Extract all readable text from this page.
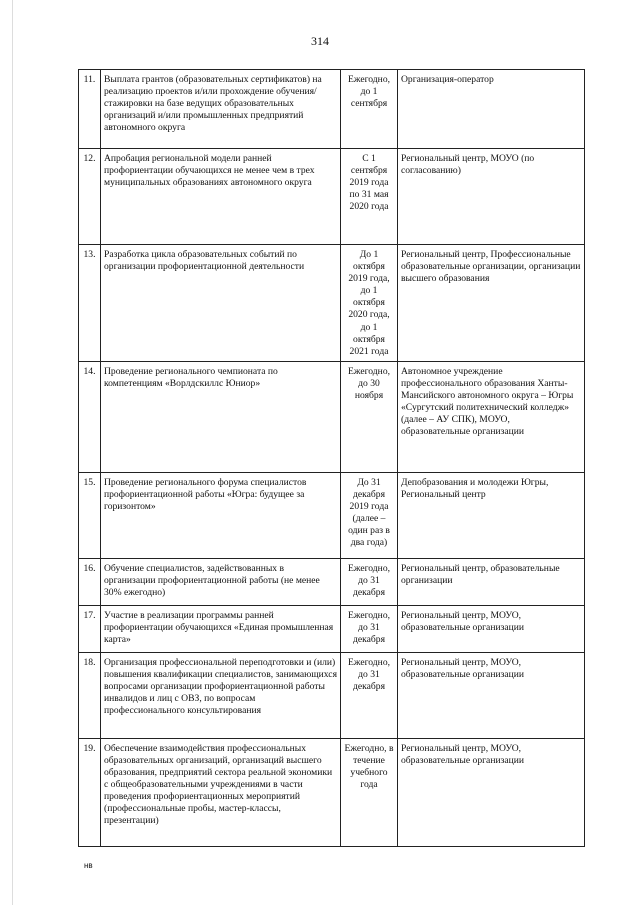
314
11.	Выплата грантов (образовательных сертификатов) на реализацию проектов и/или прохождение обучения/стажировки на базе ведущих образовательных организаций и/или промышленных предприятий автономного округа	Ежегодно, до 1 сентября	Организация-оператор
12.	Апробация региональной модели ранней профориентации обучающихся не менее чем в трех муниципальных образованиях автономного округа	С 1 сентября 2019 года по 31 мая 2020 года	Региональный центр, МОУО (по согласованию)
13.	Разработка цикла образовательных событий по организации профориентационной деятельности	До 1 октября 2019 года, до 1 октября 2020 года, до 1 октября 2021 года	Региональный центр, Профессиональные образовательные организации, организации высшего образования
14.	Проведение регионального чемпионата по компетенциям «Ворлдскиллс Юниор»	Ежегодно, до 30 ноября	Автономное учреждение профессионального образования Ханты-Мансийского автономного округа – Югры «Сургутский политехнический колледж» (далее – АУ СПК), МОУО, образовательные организации
15.	Проведение регионального форума специалистов профориентационной работы «Югра: будущее за горизонтом»	До 31 декабря 2019 года (далее – один раз в два года)	Депобразования и молодежи Югры, Региональный центр
16.	Обучение специалистов, задействованных в организации профориентационной работы (не менее 30% ежегодно)	Ежегодно, до 31 декабря	Региональный центр, образовательные организации
17.	Участие в реализации программы ранней профориентации обучающихся «Единая промышленная карта»	Ежегодно, до 31 декабря	Региональный центр, МОУО, образовательные организации
18.	Организация профессиональной переподготовки и (или) повышения квалификации специалистов, занимающихся вопросами организации профориентационной работы инвалидов и лиц с ОВЗ, по вопросам профессионального консультирования	Ежегодно, до 31 декабря	Региональный центр, МОУО, образовательные организации
19.	Обеспечение взаимодействия профессиональных образовательных организаций, организаций высшего образования, предприятий сектора реальной экономики с общеобразовательными учреждениями в части проведения профориентационных мероприятий (профессиональные пробы, мастер-классы, презентации)	Ежегодно, в течение учебного года	Региональный центр, МОУО, образовательные организации
нв
